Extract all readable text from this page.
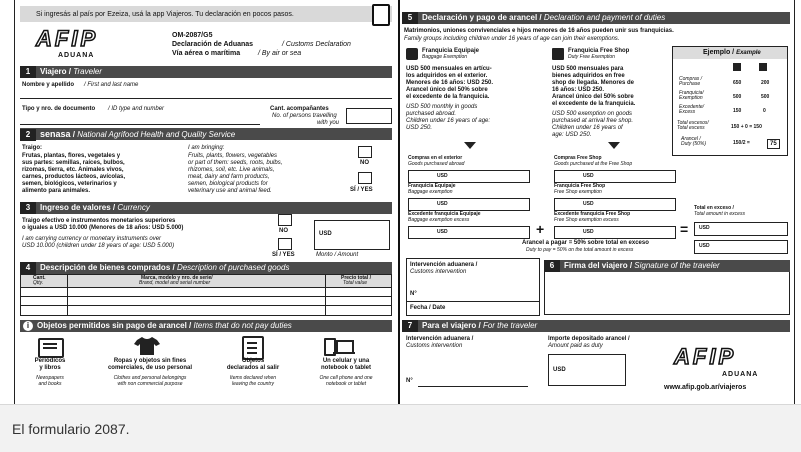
Si ingresás al país por Ezeiza, usá la app Viajeros. Tu declaración en pocos pasos.
AFIP
ADUANA
OM-2087/G5
Declaración de Aduanas	/ Customs Declaration
Vía aérea o marítima	/ By air or sea
1 Viajero / Traveler
Nombre y apellido / First and last name
Tipo y nro. de documento / ID type and number	Cant. acompañantes
No. of persons travelling
with you
2 senasa / National Agrifood Health and Quality Service
Traigo:
Frutas, plantas, flores, vegetales y
sus partes: semillas, raíces, bulbos,
rizomas, tierra, etc. Animales vivos,
carnes, productos lácteos, avícolas,
semen, biológicos, veterinarios y
alimento para animales.
I am bringing:
Fruits, plants, flowers, vegetables
or part of them: seeds, roots, bulbs,
rhizomes, soil, etc. Live animals,
meat, dairy and farm products,
semen, biological products for
veterinary use and animal feed.
NO
SÍ / YES
3 Ingreso de valores / Currency
Traigo efectivo e instrumentos monetarios superiores
o iguales a USD 10.000 (Menores de 18 años: USD 5.000)
I am carrying currency or monetary instruments over
USD 10.000 (children under 18 years of age: USD 5.000)
NO
SÍ / YES
USD
Monto / Amount
4 Descripción de bienes comprados / Description of purchased goods
Cant.
Qtty.
Marca, modelo y nro. de serie/
Brand, model and serial number
Precio total /
Total value
i Objetos permitidos sin pago de arancel / Items that do not pay duties
Periódicos
y libros
Newspapers
and books
Ropas y objetos sin fines
comerciales, de uso personal
Clothes and personal belongings
with non commercial purpose
Objetos
declarados al salir
Items declared when
leaving the country
Un celular y una
notebook o tablet
One cell phone and one
notebook or tablet
5 Declaración y pago de arancel / Declaration and payment of duties
Matrimonios, uniones convivenciales e hijos menores de 16 años pueden unir sus franquicias.
Family groups including children under 16 years of age can join their exemptions.
Franquicia Equipaje
Baggage Exemption
USD 500 mensuales en artícu-
los adquiridos en el exterior.
Menores de 16 años: USD 250.
Arancel único del 50% sobre
el excedente de la franquicia.
USD 500 monthly in goods
purchased abroad.
Children under 16 years of age:
USD 250.
Franquicia Free Shop
Duty Free Exemption
USD 500 mensuales para
bienes adquiridos en free
shop de llegada. Menores de
16 años: USD 250.
Arancel único del 50% sobre
el excedente de la franquicia.
USD 500 exemption on goods
purchased at arrival free shop.
Children under 16 years of
age: USD 250.
Ejemplo / Example
Compras /
Purchase	650	200
Franquicia/
Exemption	500	500
Excedente/
Excess	150	0
Total excesos/
Total excess	150 + 0 = 150
Arancel /
Duty (50%)	150/2 =	75
Compras en el exterior
Goods purchased abroad
USD
Franquicia Equipaje
Baggage exemption
USD
Excedente franquicia Equipaje
Baggage exemption excess
USD	+
Compras Free Shop
Goods purchased at the Free Shop
USD
Franquicia Free Shop
Free Shop exemption
USD
Excedente franquicia Free Shop
Free Shop exemption excess
USD	=
Total en exceso /
Total amount in excess
USD
Arancel a pagar = 50% sobre total en exceso
Duty to pay = 50% on the total amount in excess
USD
Intervención aduanera /
Customs intervention
N°
Fecha / Date
6 Firma del viajero / Signature of the traveler
7 Para el viajero / For the traveler
Intervención aduanera /
Customs intervention
N°
Importe depositado arancel /
Amount paid as duty
USD
AFIP
ADUANA
www.afip.gob.ar/viajeros
El formulario 2087.
